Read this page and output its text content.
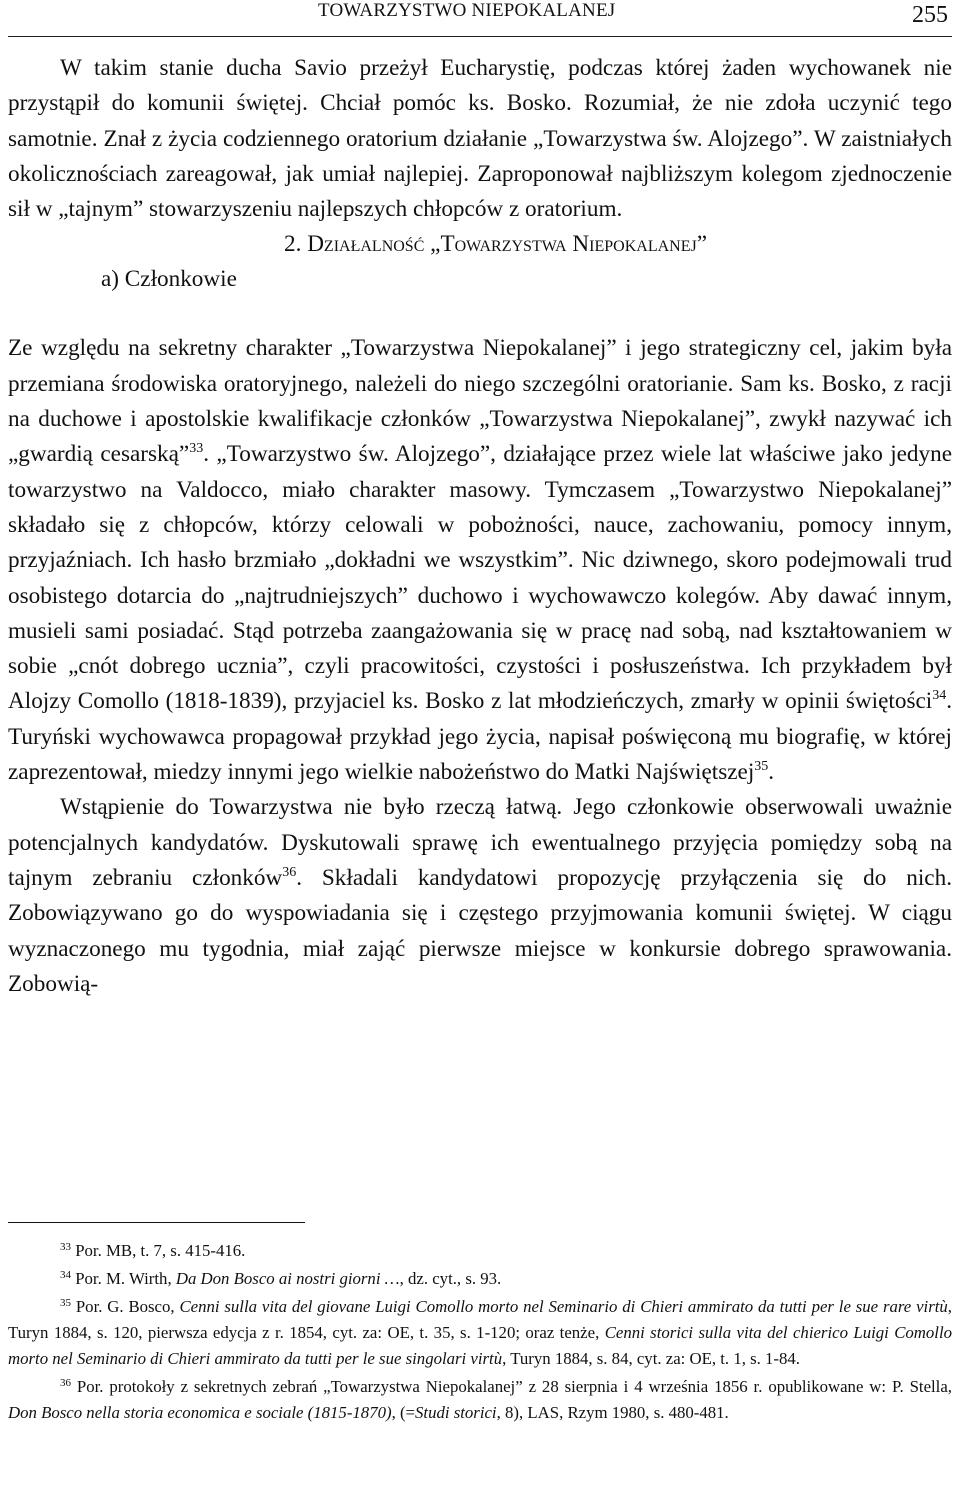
TOWARZYSTWO NIEPOKALANEJ	255

W takim stanie ducha Savio przeżył Eucharystię, podczas której żaden wychowanek nie przystąpił do komunii świętej. Chciał pomóc ks. Bosko. Rozumiał, że nie zdoła uczynić tego samotnie. Znał z życia codziennego oratorium działanie „Towarzystwa św. Alojzego”. W zaistniałych okolicznościach zareagował, jak umiał najlepiej. Zaproponował najbliższym kolegom zjednoczenie sił w „tajnym” stowarzyszeniu najlepszych chłopców z oratorium.

2. Działalność „Towarzystwa Niepokalanej”

a) Członkowie

Ze względu na sekretny charakter „Towarzystwa Niepokalanej” i jego strategiczny cel, jakim była przemiana środowiska oratoryjnego, należeli do niego szczególni oratorianie. Sam ks. Bosko, z racji na duchowe i apostolskie kwalifikacje członków „Towarzystwa Niepokalanej”, zwykł nazywać ich „gwardią cesarską”$^{33}$. „Towarzystwo św. Alojzego”, działające przez wiele lat właściwe jako jedyne towarzystwo na Valdocco, miało charakter masowy. Tymczasem „Towarzystwo Niepokalanej” składało się z chłopców, którzy celowali w pobożności, nauce, zachowaniu, pomocy innym, przyjaźniach. Ich hasło brzmiało „dokładni we wszystkim”. Nic dziwnego, skoro podejmowali trud osobistego dotarcia do „najtrudniejszych” duchowo i wychowawczo kolegów. Aby dawać innym, musieli sami posiadać. Stąd potrzeba zaangażowania się w pracę nad sobą, nad kształtowaniem w sobie „cnót dobrego ucznia”, czyli pracowitości, czystości i posłuszeństwa. Ich przykładem był Alojzy Comollo (1818-1839), przyjaciel ks. Bosko z lat młodzieńczych, zmarły w opinii świętości$^{34}$. Turyński wychowawca propagował przykład jego życia, napisał poświęconą mu biografię, w której zaprezentował, miedzy innymi jego wielkie nabożeństwo do Matki Najświętszej$^{35}$.

Wstąpienie do Towarzystwa nie było rzeczą łatwą. Jego członkowie obserwowali uważnie potencjalnych kandydatów. Dyskutowali sprawę ich ewentualnego przyjęcia pomiędzy sobą na tajnym zebraniu członków$^{36}$. Składali kandydatowi propozycję przyłączenia się do nich. Zobowiązywano go do wyspowiadania się i częstego przyjmowania komunii świętej. W ciągu wyznaczonego mu tygodnia, miał zająć pierwsze miejsce w konkursie dobrego sprawowania. Zobowią-

$^{33}$ Por. MB, t. 7, s. 415-416.

$^{34}$ Por. M. Wirth, Da Don Bosco ai nostri giorni …, dz. cyt., s. 93.

$^{35}$ Por. G. Bosco, Cenni sulla vita del giovane Luigi Comollo morto nel Seminario di Chieri ammirato da tutti per le sue rare virtù, Turyn 1884, s. 120, pierwsza edycja z r. 1854, cyt. za: OE, t. 35, s. 1-120; oraz tenże, Cenni storici sulla vita del chierico Luigi Comollo morto nel Seminario di Chieri ammirato da tutti per le sue singolari virtù, Turyn 1884, s. 84, cyt. za: OE, t. 1, s. 1-84.

$^{36}$ Por. protokoły z sekretnych zebrań „Towarzystwa Niepokalanej” z 28 sierpnia i 4 września 1856 r. opublikowane w: P. Stella, Don Bosco nella storia economica e sociale (1815-1870), (=Studi storici, 8), LAS, Rzym 1980, s. 480-481.
